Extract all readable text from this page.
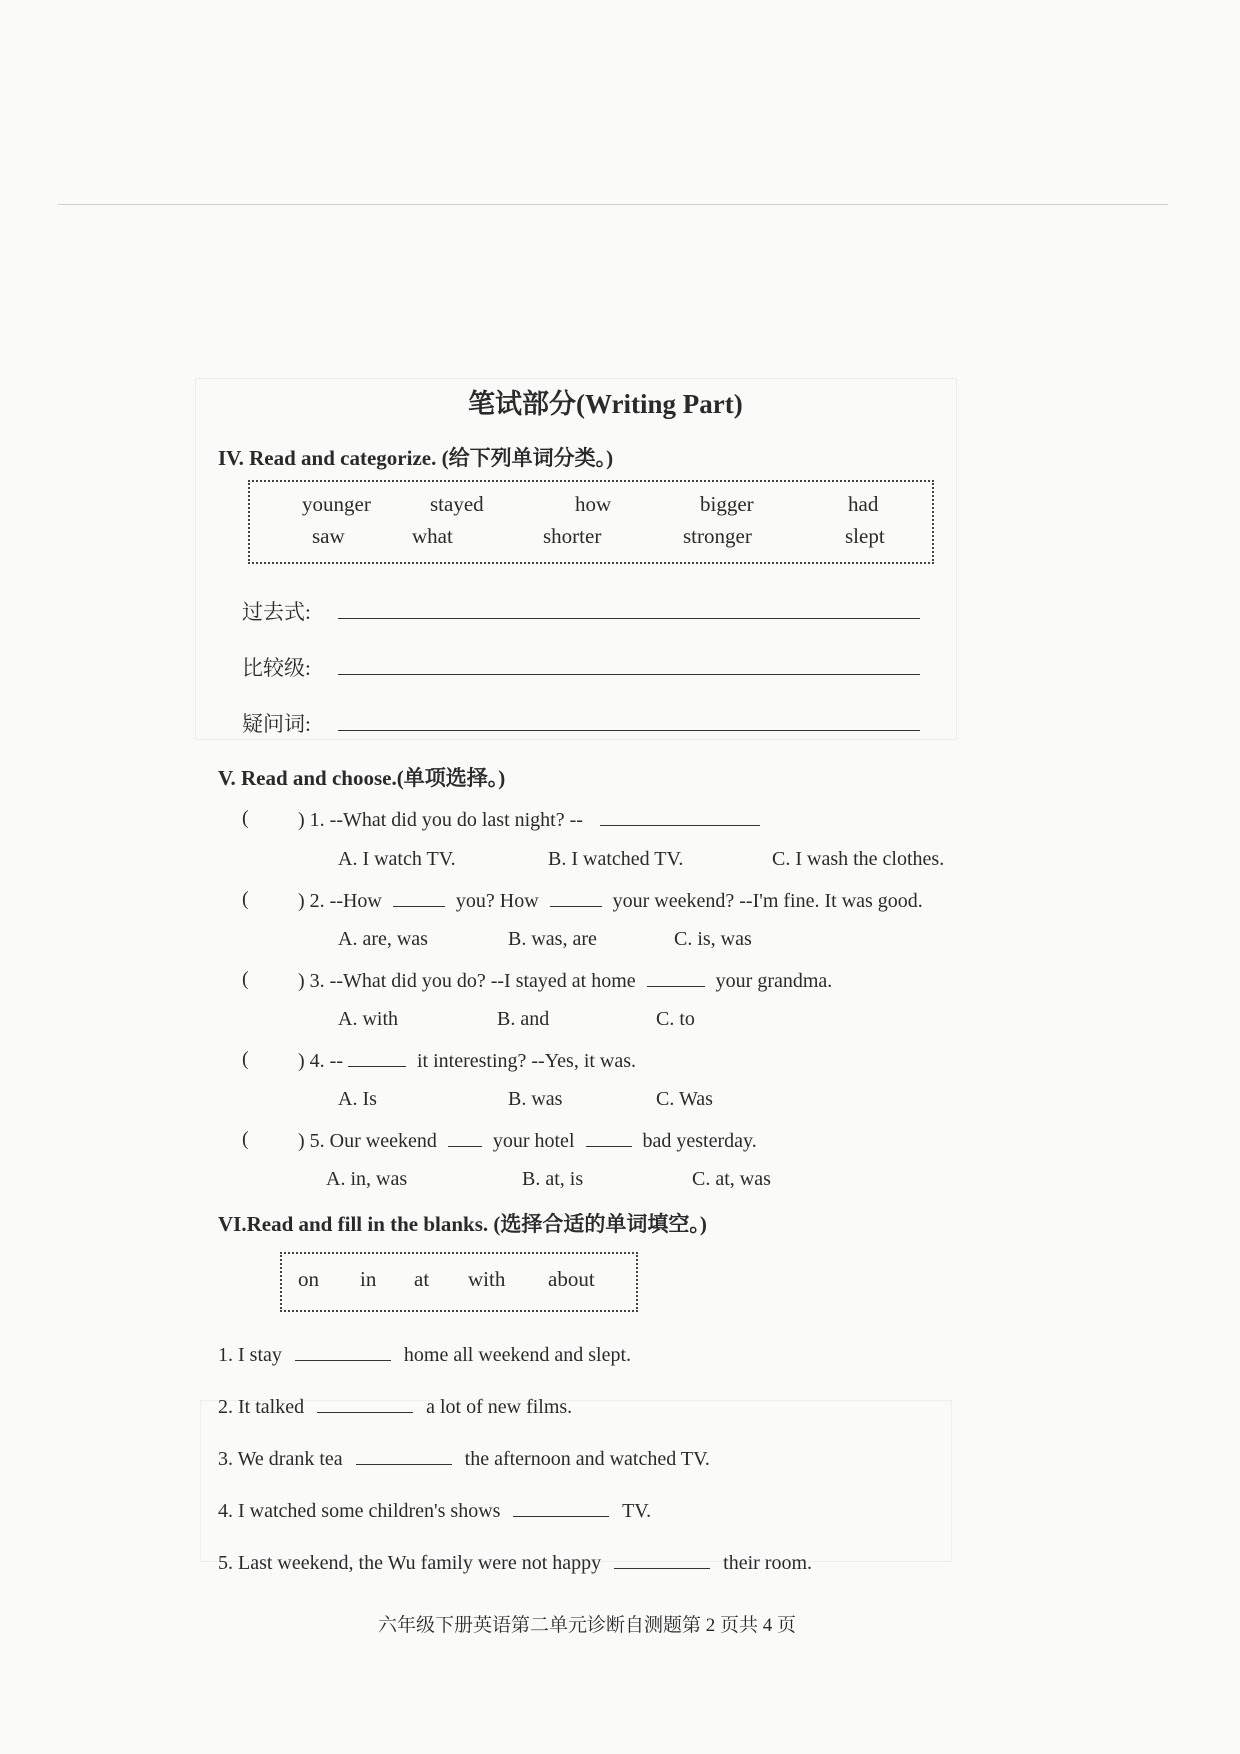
笔试部分(Writing Part)
IV. Read and categorize. (给下列单词分类。)
younger	stayed	how	bigger	had
saw	what	shorter	stronger	slept
过去式:
比较级:
疑问词:
V. Read and choose.(单项选择。)
( ) 1. --What did you do last night? --
A. I watch TV.	B. I watched TV.	C. I wash the clothes.
( ) 2. --How	you? How	your weekend? --I'm fine. It was good.
A. are, was	B. was, are	C. is, was
( ) 3. --What did you do? --I stayed at home	your grandma.
A. with	B. and	C. to
( ) 4. --	it interesting? --Yes, it was.
A. Is	B. was	C. Was
( ) 5. Our weekend	your hotel	bad yesterday.
A. in, was	B. at, is	C. at, was
VI.Read and fill in the blanks. (选择合适的单词填空。)
on in at with about
1. I stay	home all weekend and slept.
2. It talked	a lot of new films.
3. We drank tea	the afternoon and watched TV.
4. I watched some children's shows	TV.
5. Last weekend, the Wu family were not happy	their room.
六年级下册英语第二单元诊断自测题第 2 页共 4 页
